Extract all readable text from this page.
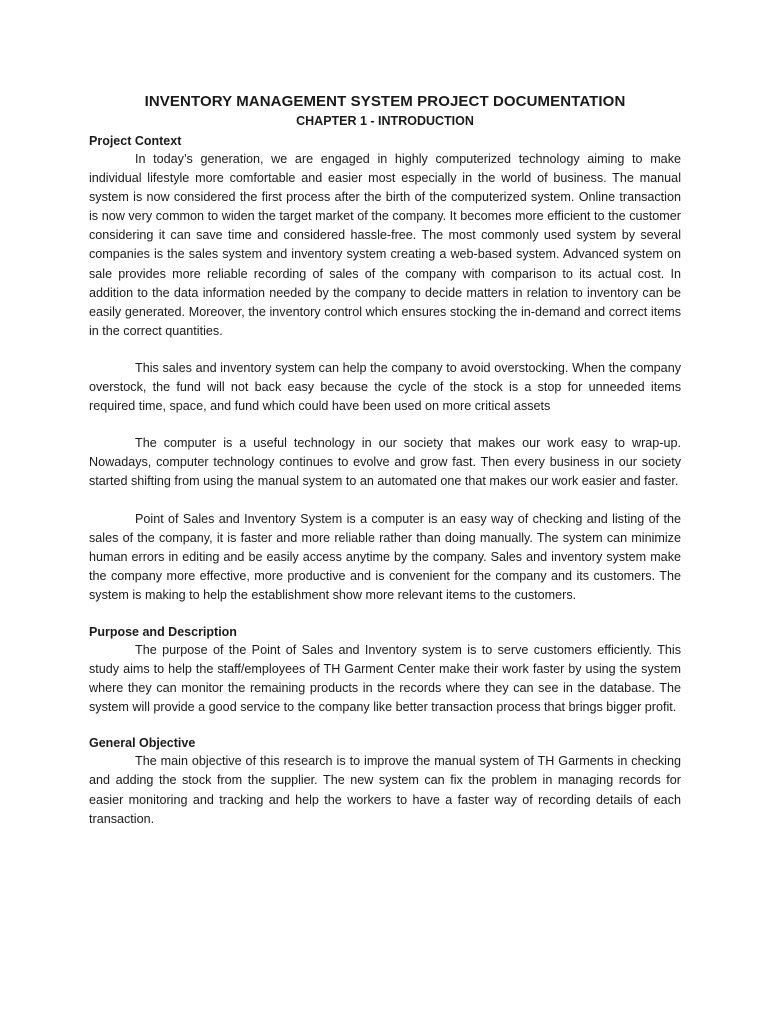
INVENTORY MANAGEMENT SYSTEM PROJECT DOCUMENTATION
CHAPTER 1 - INTRODUCTION
Project Context

In today’s generation, we are engaged in highly computerized technology aiming to make individual lifestyle more comfortable and easier most especially in the world of business. The manual system is now considered the first process after the birth of the computerized system. Online transaction is now very common to widen the target market of the company. It becomes more efficient to the customer considering it can save time and considered hassle-free. The most commonly used system by several companies is the sales system and inventory system creating a web-based system. Advanced system on sale provides more reliable recording of sales of the company with comparison to its actual cost. In addition to the data information needed by the company to decide matters in relation to inventory can be easily generated. Moreover, the inventory control which ensures stocking the in-demand and correct items in the correct quantities.

This sales and inventory system can help the company to avoid overstocking. When the company overstock, the fund will not back easy because the cycle of the stock is a stop for unneeded items required time, space, and fund which could have been used on more critical assets

The computer is a useful technology in our society that makes our work easy to wrap-up. Nowadays, computer technology continues to evolve and grow fast. Then every business in our society started shifting from using the manual system to an automated one that makes our work easier and faster.

Point of Sales and Inventory System is a computer is an easy way of checking and listing of the sales of the company, it is faster and more reliable rather than doing manually. The system can minimize human errors in editing and be easily access anytime by the company. Sales and inventory system make the company more effective, more productive and is convenient for the company and its customers. The system is making to help the establishment show more relevant items to the customers.

Purpose and Description

The purpose of the Point of Sales and Inventory system is to serve customers efficiently. This study aims to help the staff/employees of TH Garment Center make their work faster by using the system where they can monitor the remaining products in the records where they can see in the database. The system will provide a good service to the company like better transaction process that brings bigger profit.

General Objective

The main objective of this research is to improve the manual system of TH Garments in checking and adding the stock from the supplier. The new system can fix the problem in managing records for easier monitoring and tracking and help the workers to have a faster way of recording details of each transaction.
